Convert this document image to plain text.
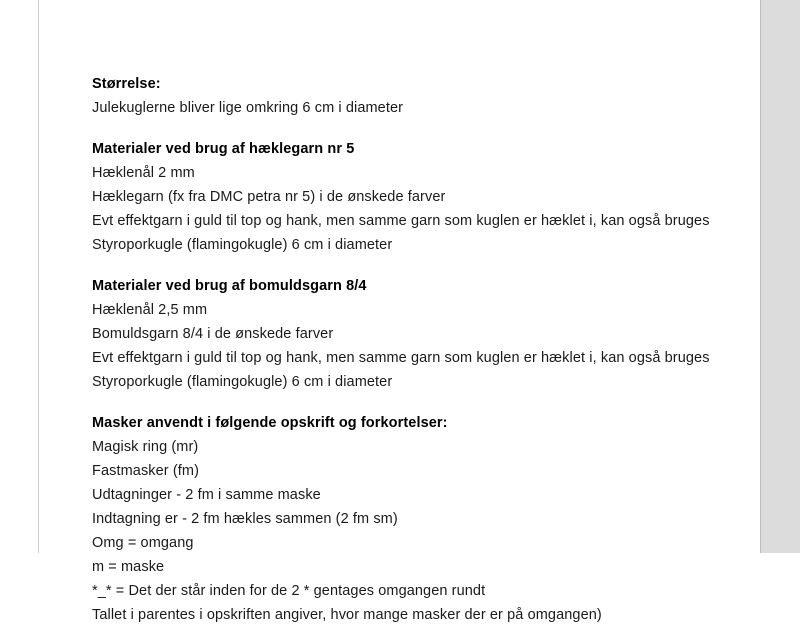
Størrelse:
Julekuglerne bliver lige omkring 6 cm i diameter
Materialer ved brug af hæklegarn nr 5
Hæklenål 2 mm
Hæklegarn (fx fra DMC petra nr 5) i de ønskede farver
Evt effektgarn i guld til top og hank, men samme garn som kuglen er hæklet i, kan også bruges
Styroporkugle (flamingokugle) 6 cm i diameter
Materialer ved brug af bomuldsgarn 8/4
Hæklenål 2,5 mm
Bomuldsgarn 8/4 i de ønskede farver
Evt effektgarn i guld til top og hank, men samme garn som kuglen er hæklet i, kan også bruges
Styroporkugle (flamingokugle) 6 cm i diameter
Masker anvendt i følgende opskrift og forkortelser:
Magisk ring (mr)
Fastmasker (fm)
Udtagninger - 2 fm i samme maske
Indtagning er - 2 fm hækles sammen (2 fm sm)
Omg = omgang
m = maske
*_* = Det der står inden for de 2 * gentages omgangen rundt
Tallet i parentes i opskriften angiver, hvor mange masker der er på omgangen)
